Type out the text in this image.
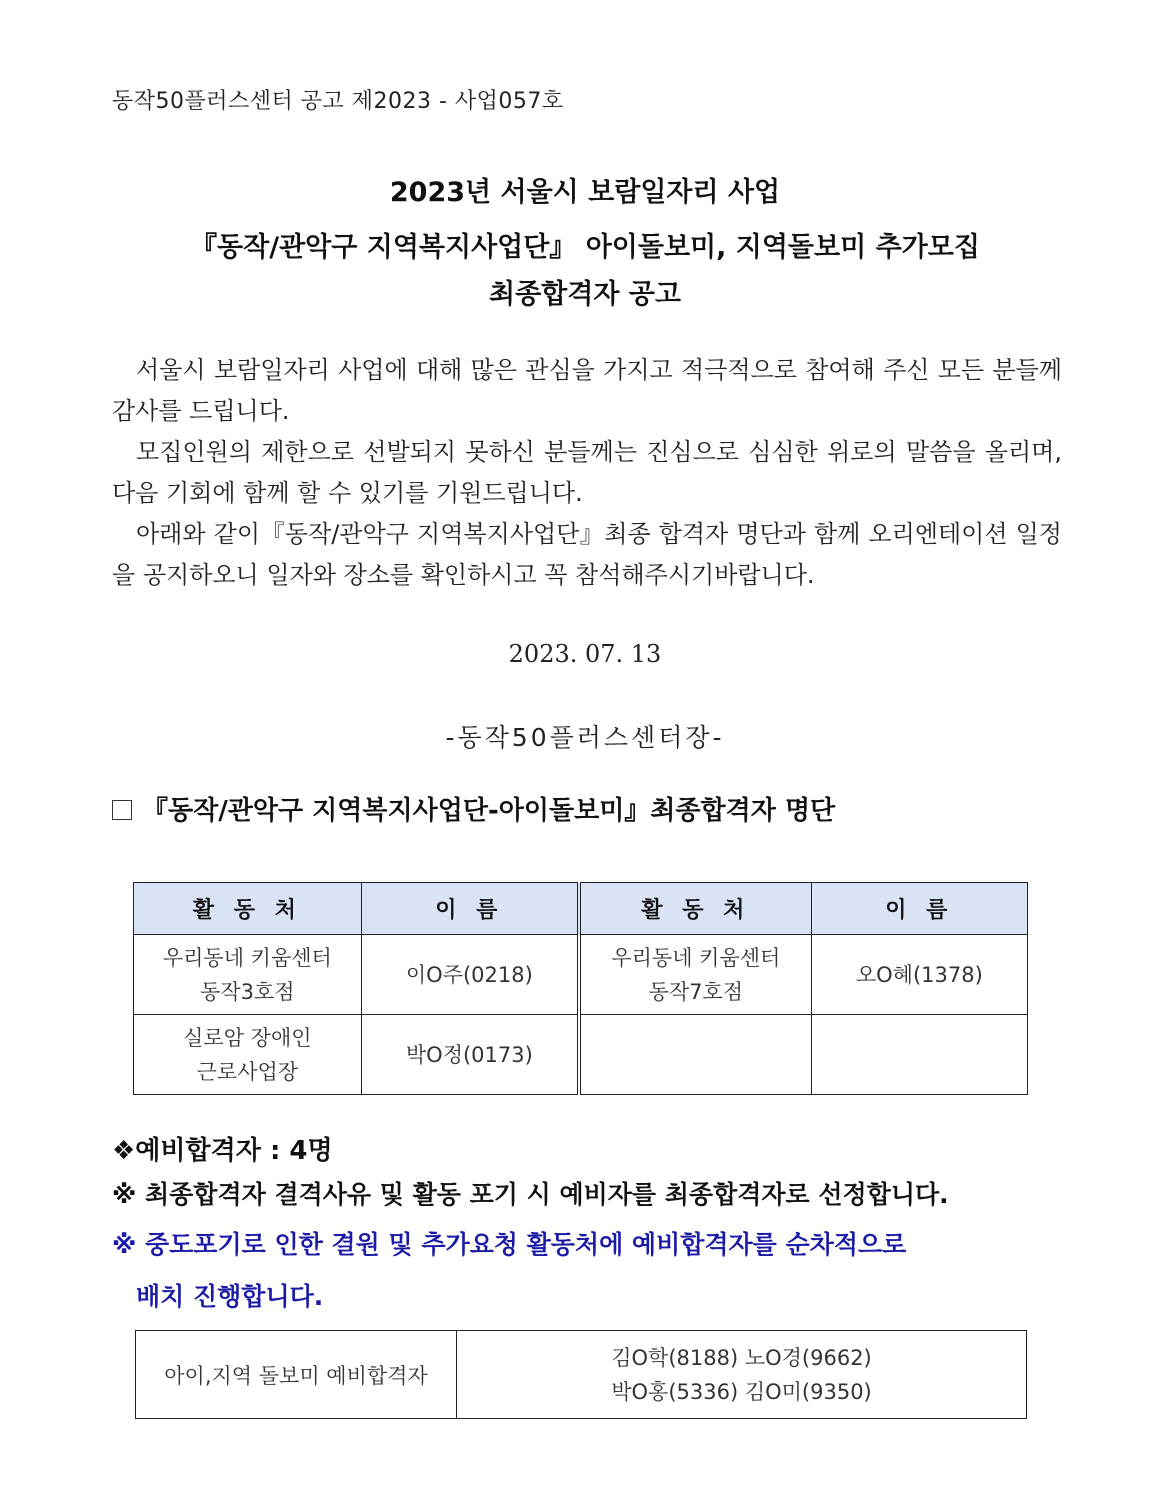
동작50플러스센터 공고 제2023 - 사업057호
2023년 서울시 보람일자리 사업
『동작/관악구 지역복지사업단』 아이돌보미, 지역돌보미 추가모집
최종합격자 공고
서울시 보람일자리 사업에 대해 많은 관심을 가지고 적극적으로 참여해 주신 모든 분들께 감사를 드립니다.
모집인원의 제한으로 선발되지 못하신 분들께는 진심으로 심심한 위로의 말씀을 올리며, 다음 기회에 함께 할 수 있기를 기원드립니다.
아래와 같이『동작/관악구 지역복지사업단』최종 합격자 명단과 함께 오리엔테이션 일정을 공지하오니 일자와 장소를 확인하시고 꼭 참석해주시기바랍니다.
2023. 07. 13
-동작50플러스센터장-
『동작/관악구 지역복지사업단-아이돌보미』최종합격자 명단
활 동 처	이 름	활 동 처	이 름

우리동네 키움센터
동작3호점
	이O주(0218)	
우리동네 키움센터
동작7호점
	오O혜(1378)

실로암 장애인
근로사업장	박O정(0173)		
❖예비합격자 : 4명
※ 최종합격자 결격사유 및 활동 포기 시 예비자를 최종합격자로 선정합니다.
※ 중도포기로 인한 결원 및 추가요청 활동처에 예비합격자를 순차적으로
배치 진행합니다.
아이,지역 돌보미 예비합격자	
김O학(8188) 노O경(9662)
박O홍(5336) 김O미(9350)
